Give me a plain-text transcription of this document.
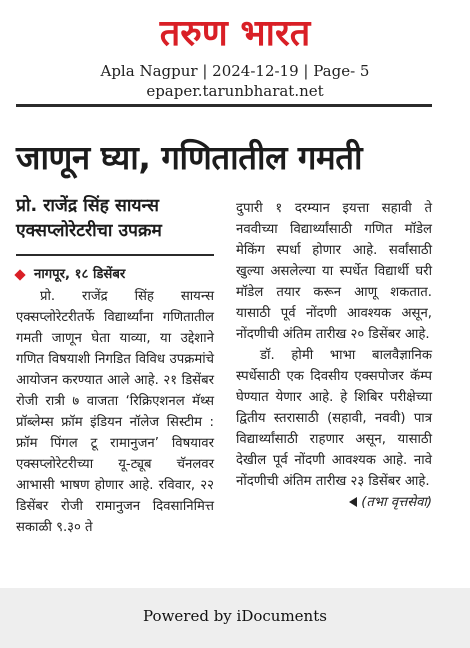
तरुण भारत
Apla Nagpur | 2024-12-19 | Page- 5
epaper.tarunbharat.net
जाणून घ्या, गणितातील गमती
प्रो. राजेंद्र सिंह सायन्स एक्सप्लोरेटरीचा उपक्रम
नागपूर, १८ डिसेंबर
प्रो. राजेंद्र सिंह सायन्स एक्सप्लोरेटरीतर्फे विद्यार्थ्यांना गणितातील गमती जाणून घेता याव्या, या उद्देशाने गणित विषयाशी निगडित विविध उपक्रमांचे आयोजन करण्यात आले आहे. २१ डिसेंबर रोजी रात्री ७ वाजता ‘रिक्रिएशनल मॅथ्स प्रॉब्लेम्स फ्रॉम इंडियन नॉलेज सिस्टीम : फ्रॉम पिंगल टू रामानुजन’ विषयावर एक्सप्लोरेटरीच्या यू-ट्यूब चॅनलवर आभासी भाषण होणार आहे. रविवार, २२ डिसेंबर रोजी रामानुजन दिवसानिमित्त सकाळी ९.३० ते
दुपारी १ दरम्यान इयत्ता सहावी ते नववीच्या विद्यार्थ्यांसाठी गणित मॉडेल मेकिंग स्पर्धा होणार आहे. सर्वांसाठी खुल्या असलेल्या या स्पर्धेत विद्यार्थी घरी मॉडेल तयार करून आणू शकतात. यासाठी पूर्व नोंदणी आवश्यक असून, नोंदणीची अंतिम तारीख २० डिसेंबर आहे.
डॉ. होमी भाभा बालवैज्ञानिक स्पर्धेसाठी एक दिवसीय एक्सपोजर कॅम्प घेण्यात येणार आहे. हे शिबिर परीक्षेच्या द्वितीय स्तरासाठी (सहावी, नववी) पात्र विद्यार्थ्यांसाठी राहणार असून, यासाठी देखील पूर्व नोंदणी आवश्यक आहे. नावे नोंदणीची अंतिम तारीख २३ डिसेंबर आहे.
(तभा वृत्तसेवा)
Powered by iDocuments
